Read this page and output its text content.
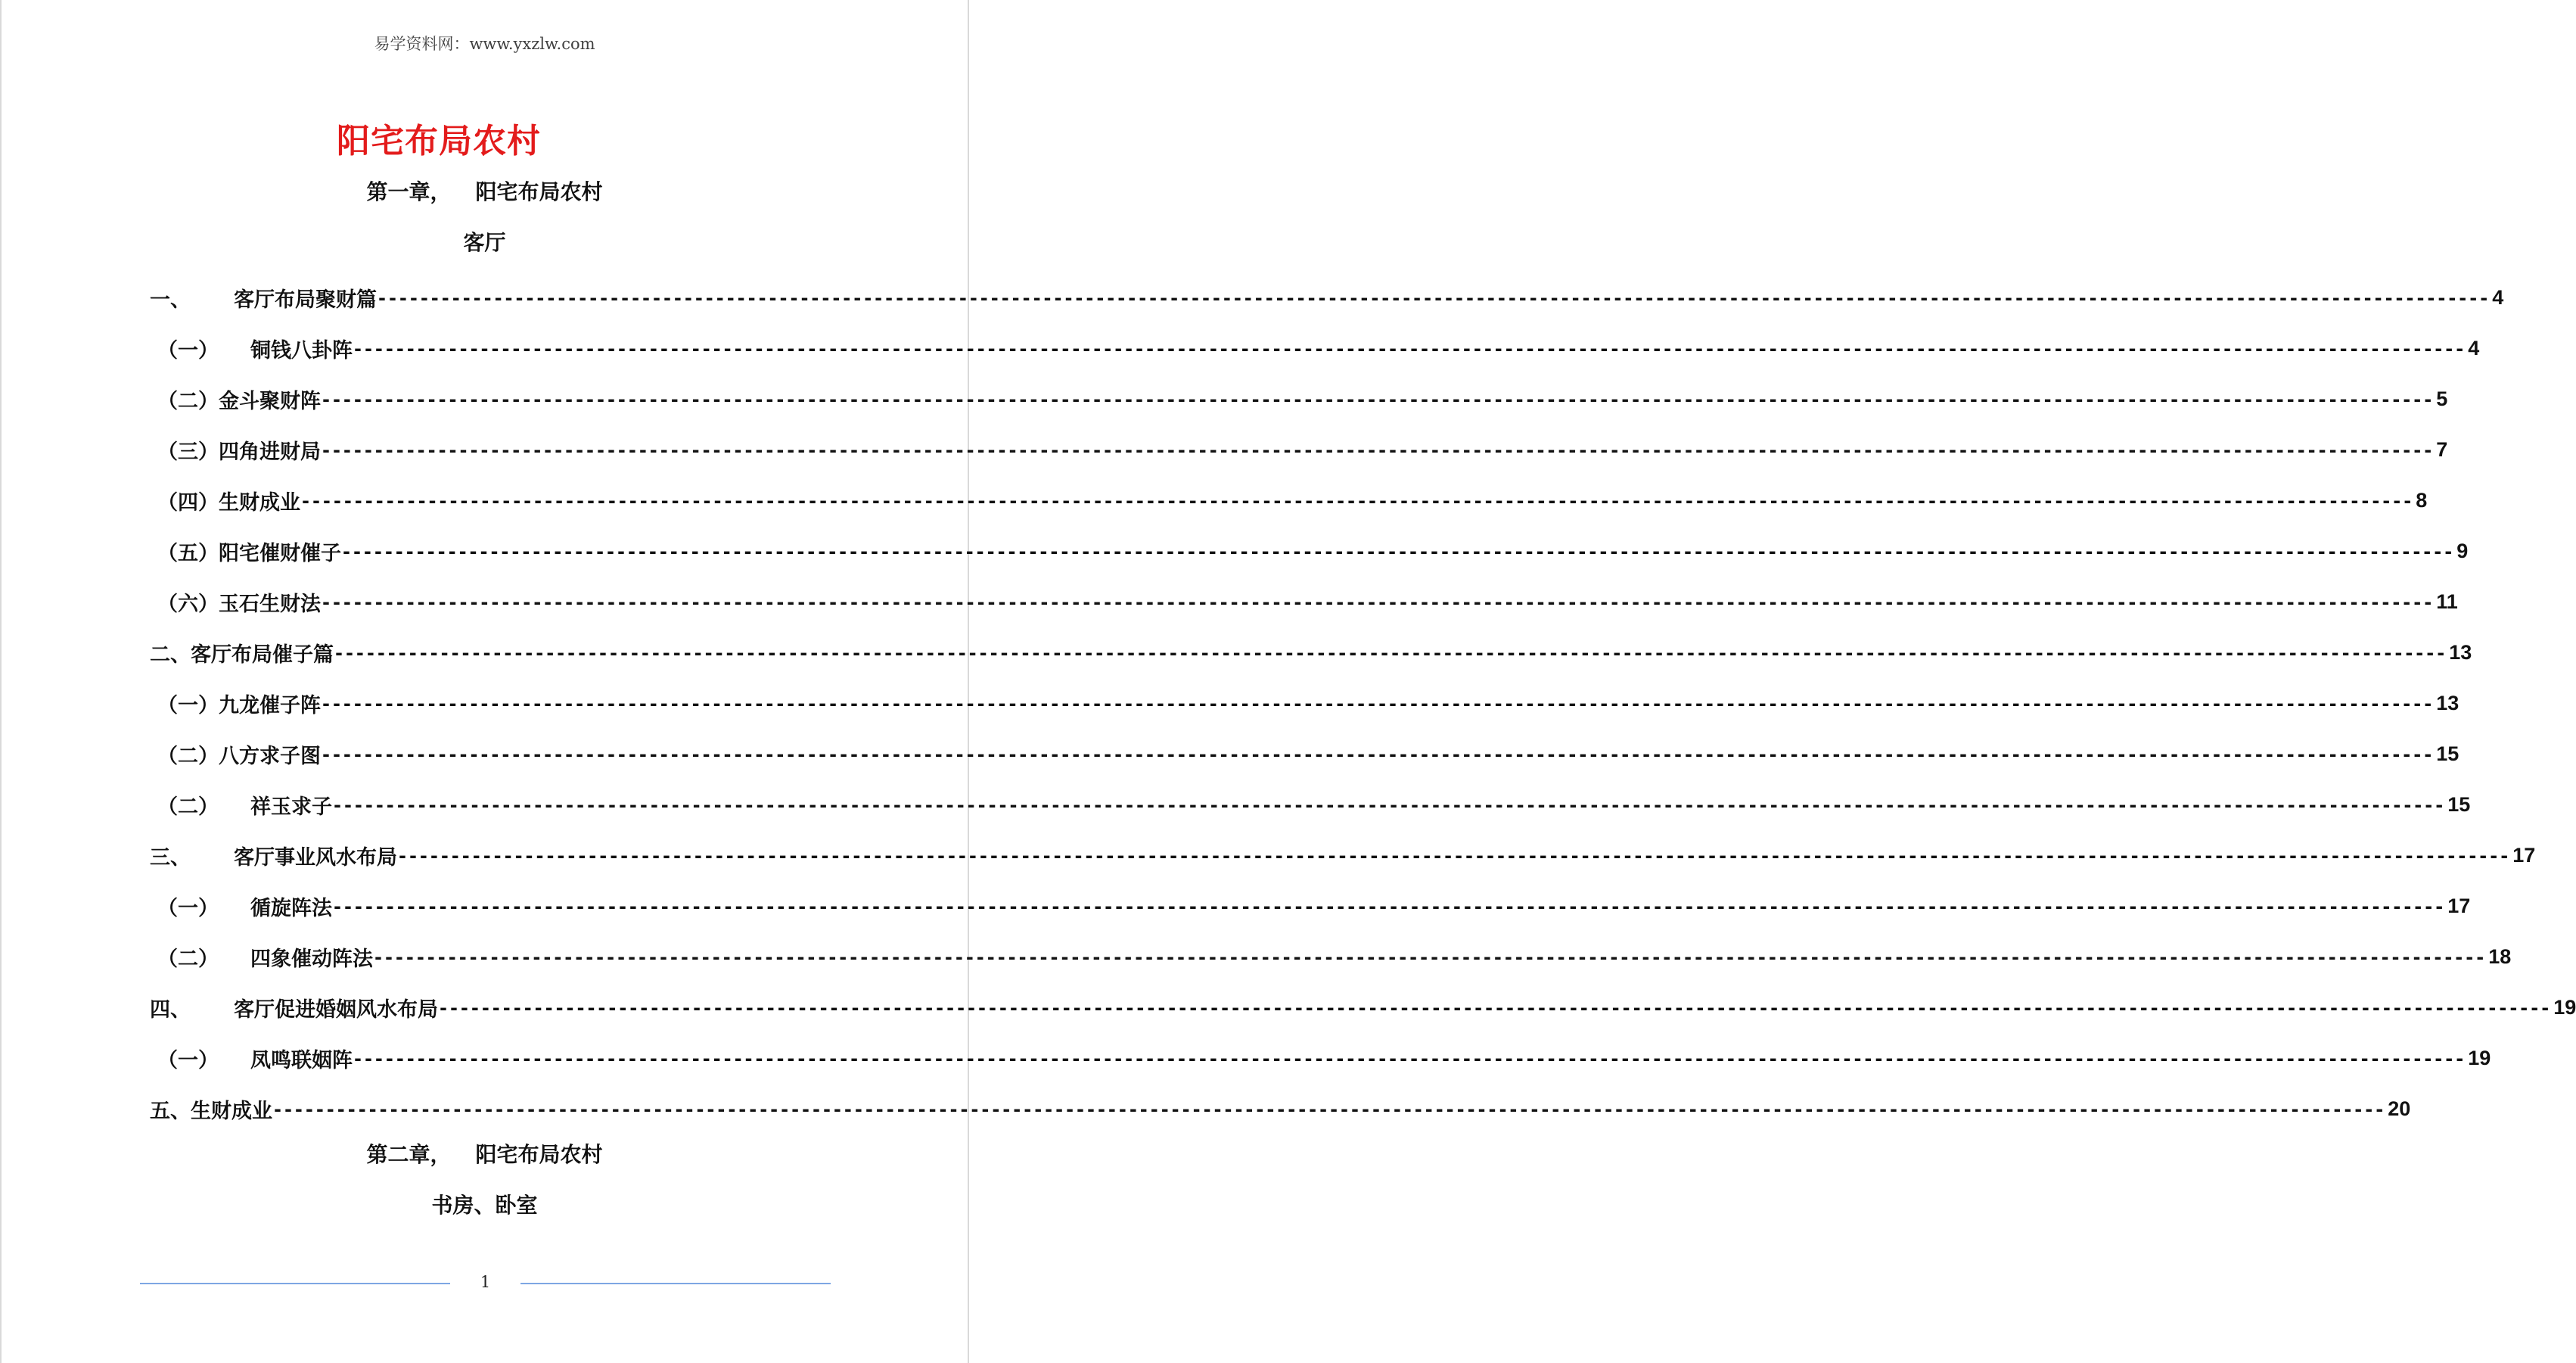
易学资料网：www.yxzlw.com
阳宅布局农村
第一章， 阳宅布局农村
客厅
一、 客厅布局聚财篇 -------------------------------------------------------------------------------------------------------------------------------------------------------------------------------------------------------- 4
（一） 铜钱八卦阵 -------------------------------------------------------------------------------------------------------------------------------------------------------------------------------------------------------- 4
（二） 金斗聚财阵 -------------------------------------------------------------------------------------------------------------------------------------------------------------------------------------------------------- 5
（三） 四角进财局 -------------------------------------------------------------------------------------------------------------------------------------------------------------------------------------------------------- 7
（四） 生财成业 -------------------------------------------------------------------------------------------------------------------------------------------------------------------------------------------------------- 8
（五） 阳宅催财催子 -------------------------------------------------------------------------------------------------------------------------------------------------------------------------------------------------------- 9
（六） 玉石生财法 -------------------------------------------------------------------------------------------------------------------------------------------------------------------------------------------------------- 11
二、 客厅布局催子篇 -------------------------------------------------------------------------------------------------------------------------------------------------------------------------------------------------------- 13
（一） 九龙催子阵 -------------------------------------------------------------------------------------------------------------------------------------------------------------------------------------------------------- 13
（二） 八方求子图 -------------------------------------------------------------------------------------------------------------------------------------------------------------------------------------------------------- 15
（二） 祥玉求子 -------------------------------------------------------------------------------------------------------------------------------------------------------------------------------------------------------- 15
三、 客厅事业风水布局 -------------------------------------------------------------------------------------------------------------------------------------------------------------------------------------------------------- 17
（一） 循旋阵法 -------------------------------------------------------------------------------------------------------------------------------------------------------------------------------------------------------- 17
（二） 四象催动阵法 -------------------------------------------------------------------------------------------------------------------------------------------------------------------------------------------------------- 18
四、 客厅促进婚姻风水布局 -------------------------------------------------------------------------------------------------------------------------------------------------------------------------------------------------------- 19
（一） 凤鸣联姻阵 -------------------------------------------------------------------------------------------------------------------------------------------------------------------------------------------------------- 19
五、 生财成业 -------------------------------------------------------------------------------------------------------------------------------------------------------------------------------------------------------- 20
第二章， 阳宅布局农村
书房、卧室
1
